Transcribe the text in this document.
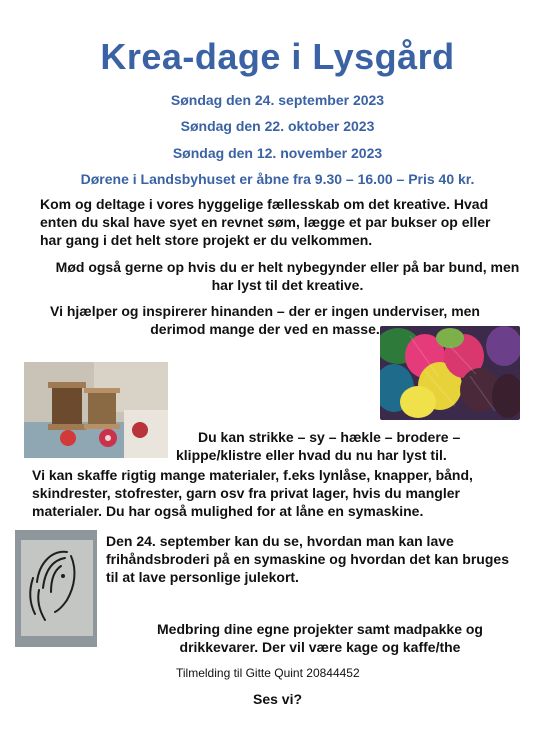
Krea-dage i Lysgård
Søndag den 24. september 2023
Søndag den 22. oktober 2023
Søndag den 12. november 2023
Dørene i Landsbyhuset er åbne fra 9.30 – 16.00 – Pris 40 kr.
Kom og deltage i vores hyggelige fællesskab om det kreative. Hvad
enten du skal have syet en revnet søm, lægge et par bukser op eller
har gang i det helt store projekt er du velkommen.
Mød også gerne op hvis du er helt nybegynder eller på bar bund, men
har lyst til det kreative.
Vi hjælper og inspirerer hinanden – der er ingen underviser, men
derimod mange der ved en masse.
Du kan strikke – sy – hækle – brodere –
klippe/klistre eller hvad du nu har lyst til.
Vi kan skaffe rigtig mange materialer, f.eks lynlåse, knapper, bånd,
skindrester, stofrester, garn osv fra privat lager, hvis du mangler
materialer. Du har også mulighed for at låne en symaskine.
Den 24. september kan du se, hvordan man kan lave
frihåndsbroderi på en symaskine og hvordan det kan bruges
til at lave personlige julekort.
Medbring dine egne projekter samt madpakke og
drikkevarer. Der vil være kage og kaffe/the
Tilmelding til Gitte Quint 20844452
Ses vi?
